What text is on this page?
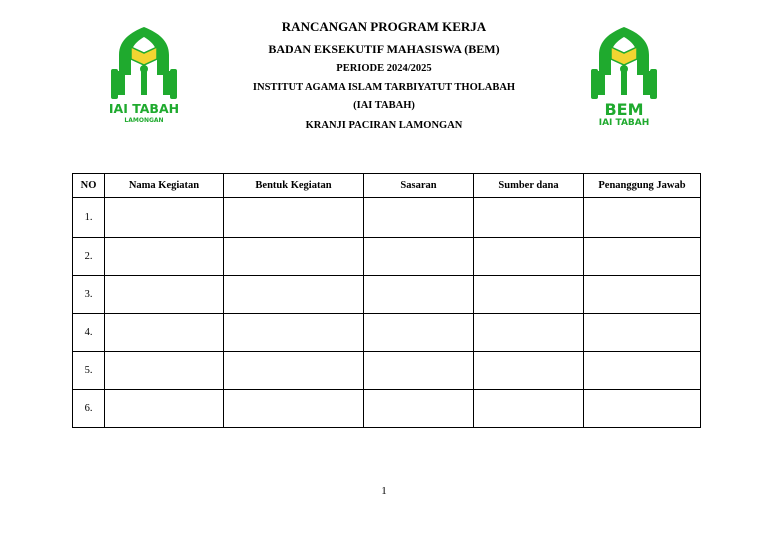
IAI TABAH
LAMONGAN
BEM
IAI TABAH
RANCANGAN PROGRAM KERJA
BADAN EKSEKUTIF MAHASISWA (BEM)
PERIODE 2024/2025
INSTITUT AGAMA ISLAM TARBIYATUT THOLABAH
(IAI TABAH)
KRANJI PACIRAN LAMONGAN
NO	Nama Kegiatan	Bentuk Kegiatan	Sasaran	Sumber dana	Penanggung Jawab
1.					
2.					
3.					
4.					
5.					
6.					
1
